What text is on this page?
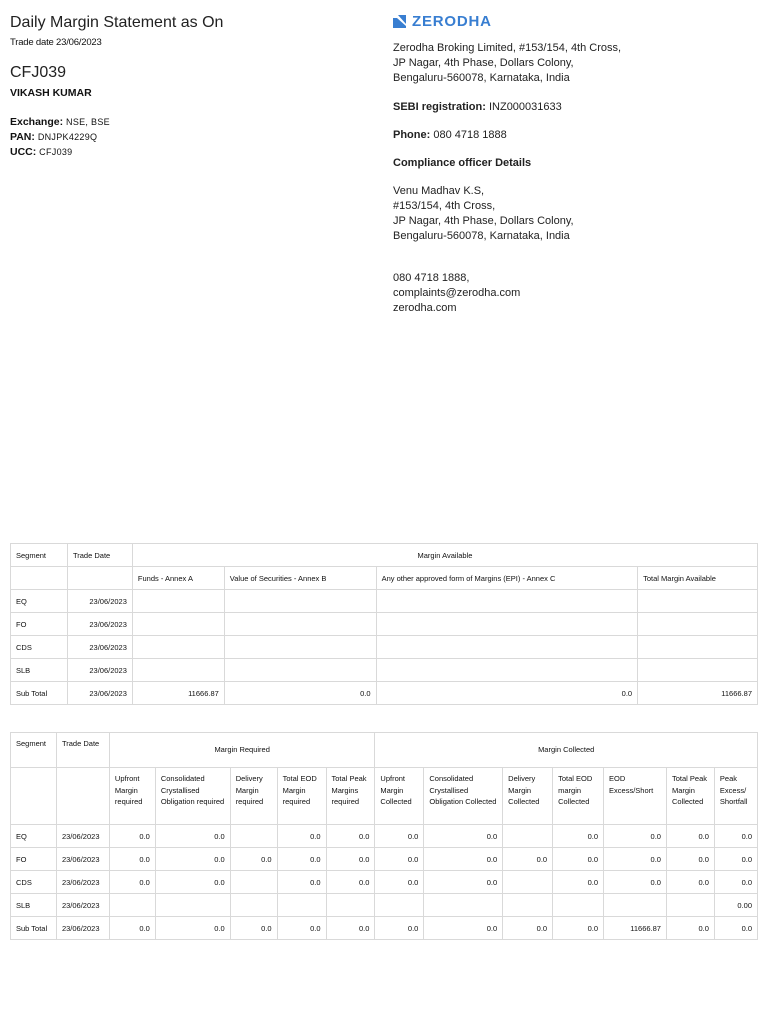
Daily Margin Statement as On
Trade date 23/06/2023
CFJ039
VIKASH KUMAR
Exchange: NSE, BSE
PAN: DNJPK4229Q
UCC: CFJ039
ZERODHA
Zerodha Broking Limited, #153/154, 4th Cross,
JP Nagar, 4th Phase, Dollars Colony,
Bengaluru-560078, Karnataka, India
SEBI registration: INZ000031633
Phone: 080 4718 1888
Compliance officer Details
Venu Madhav K.S,
#153/154, 4th Cross,
JP Nagar, 4th Phase, Dollars Colony,
Bengaluru-560078, Karnataka, India
080 4718 1888,
complaints@zerodha.com
zerodha.com
Segment	Trade Date	Margin Available			
		Funds - Annex A	Value of Securities - Annex B	Any other approved form of Margins (EPI) - Annex C	Total Margin Available
EQ	23/06/2023				
FO	23/06/2023				
CDS	23/06/2023				
SLB	23/06/2023				
Sub Total	23/06/2023	11666.87	0.0	0.0	11666.87
Segment	Trade Date	Margin Required					Margin Collected						
		Upfront Margin required	Consolidated Crystallised Obligation required	Delivery Margin required	Total EOD Margin required	Total Peak Margins required	Upfront Margin Collected	Consolidated Crystallised Obligation Collected	Delivery Margin Collected	Total EOD margin Collected	EOD Excess/Short	Total Peak Margin Collected	Peak Excess/ Shortfall
EQ	23/06/2023	0.0	0.0		0.0	0.0	0.0	0.0		0.0	0.0	0.0	0.0
FO	23/06/2023	0.0	0.0	0.0	0.0	0.0	0.0	0.0	0.0	0.0	0.0	0.0	0.0
CDS	23/06/2023	0.0	0.0		0.0	0.0	0.0	0.0		0.0	0.0	0.0	0.0
SLB	23/06/2023												0.00
Sub Total	23/06/2023	0.0	0.0	0.0	0.0	0.0	0.0	0.0	0.0	0.0	11666.87	0.0	0.0
